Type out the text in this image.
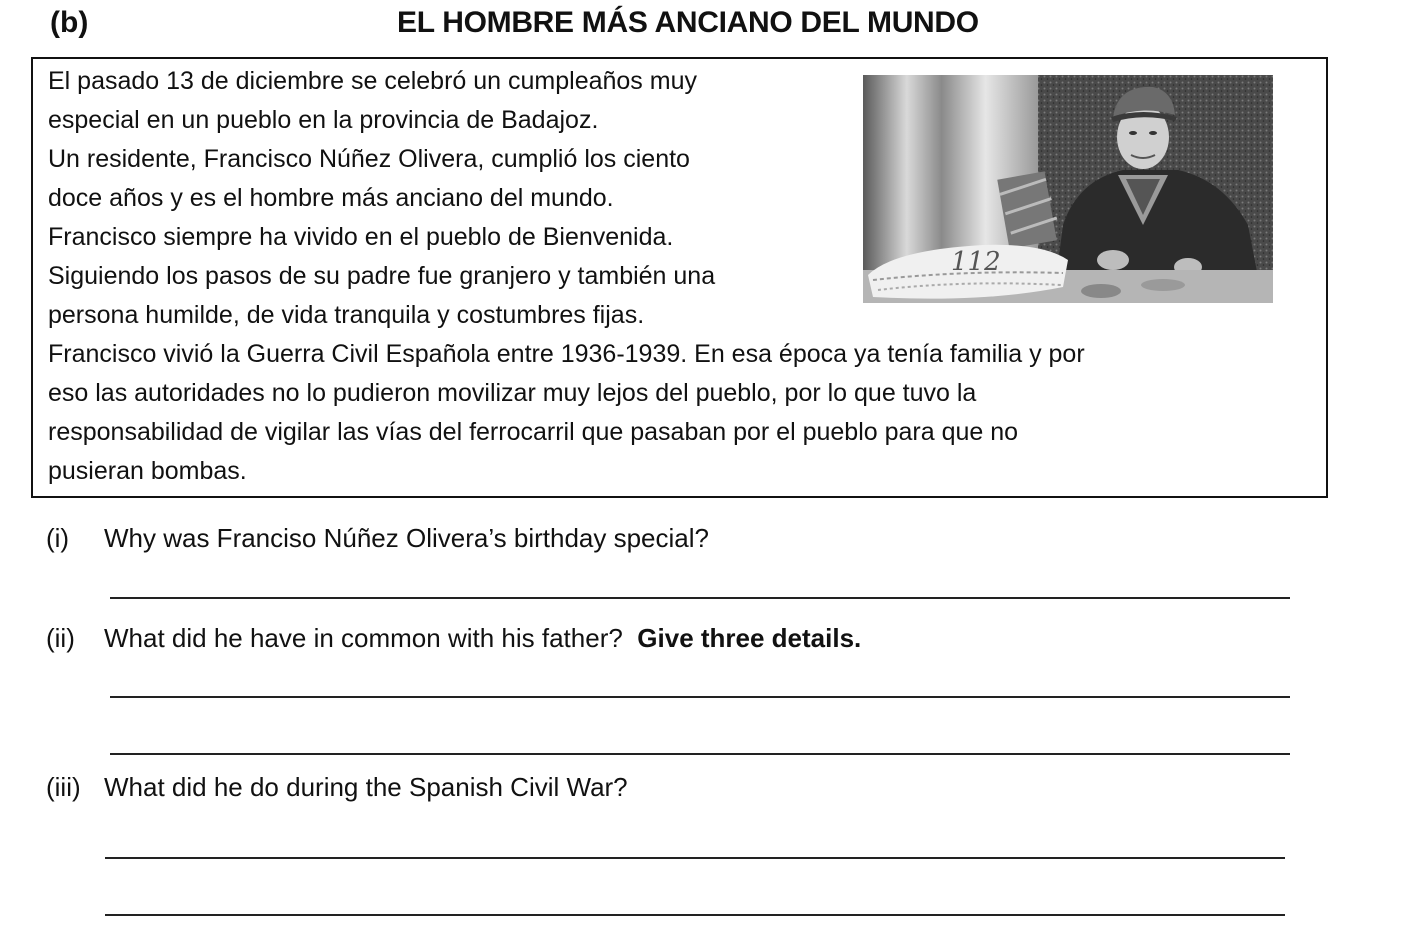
(b)	EL HOMBRE MÁS ANCIANO DEL MUNDO
El pasado 13 de diciembre se celebró un cumpleaños muy
especial en un pueblo en la provincia de Badajoz.
Un residente, Francisco Núñez Olivera, cumplió los ciento
doce años y es el hombre más anciano del mundo.
Francisco siempre ha vivido en el pueblo de Bienvenida.
Siguiendo los pasos de su padre fue granjero y también una
persona humilde, de vida tranquila y costumbres fijas.
Francisco vivió la Guerra Civil Española entre 1936-1939. En esa época ya tenía familia y por
eso las autoridades no lo pudieron movilizar muy lejos del pueblo, por lo que tuvo la
responsabilidad de vigilar las vías del ferrocarril que pasaban por el pueblo para que no
pusieran bombas.
112
(i) Why was Franciso Núñez Olivera’s birthday special?
(ii) What did he have in common with his father? Give three details.
(iii) What did he do during the Spanish Civil War?
